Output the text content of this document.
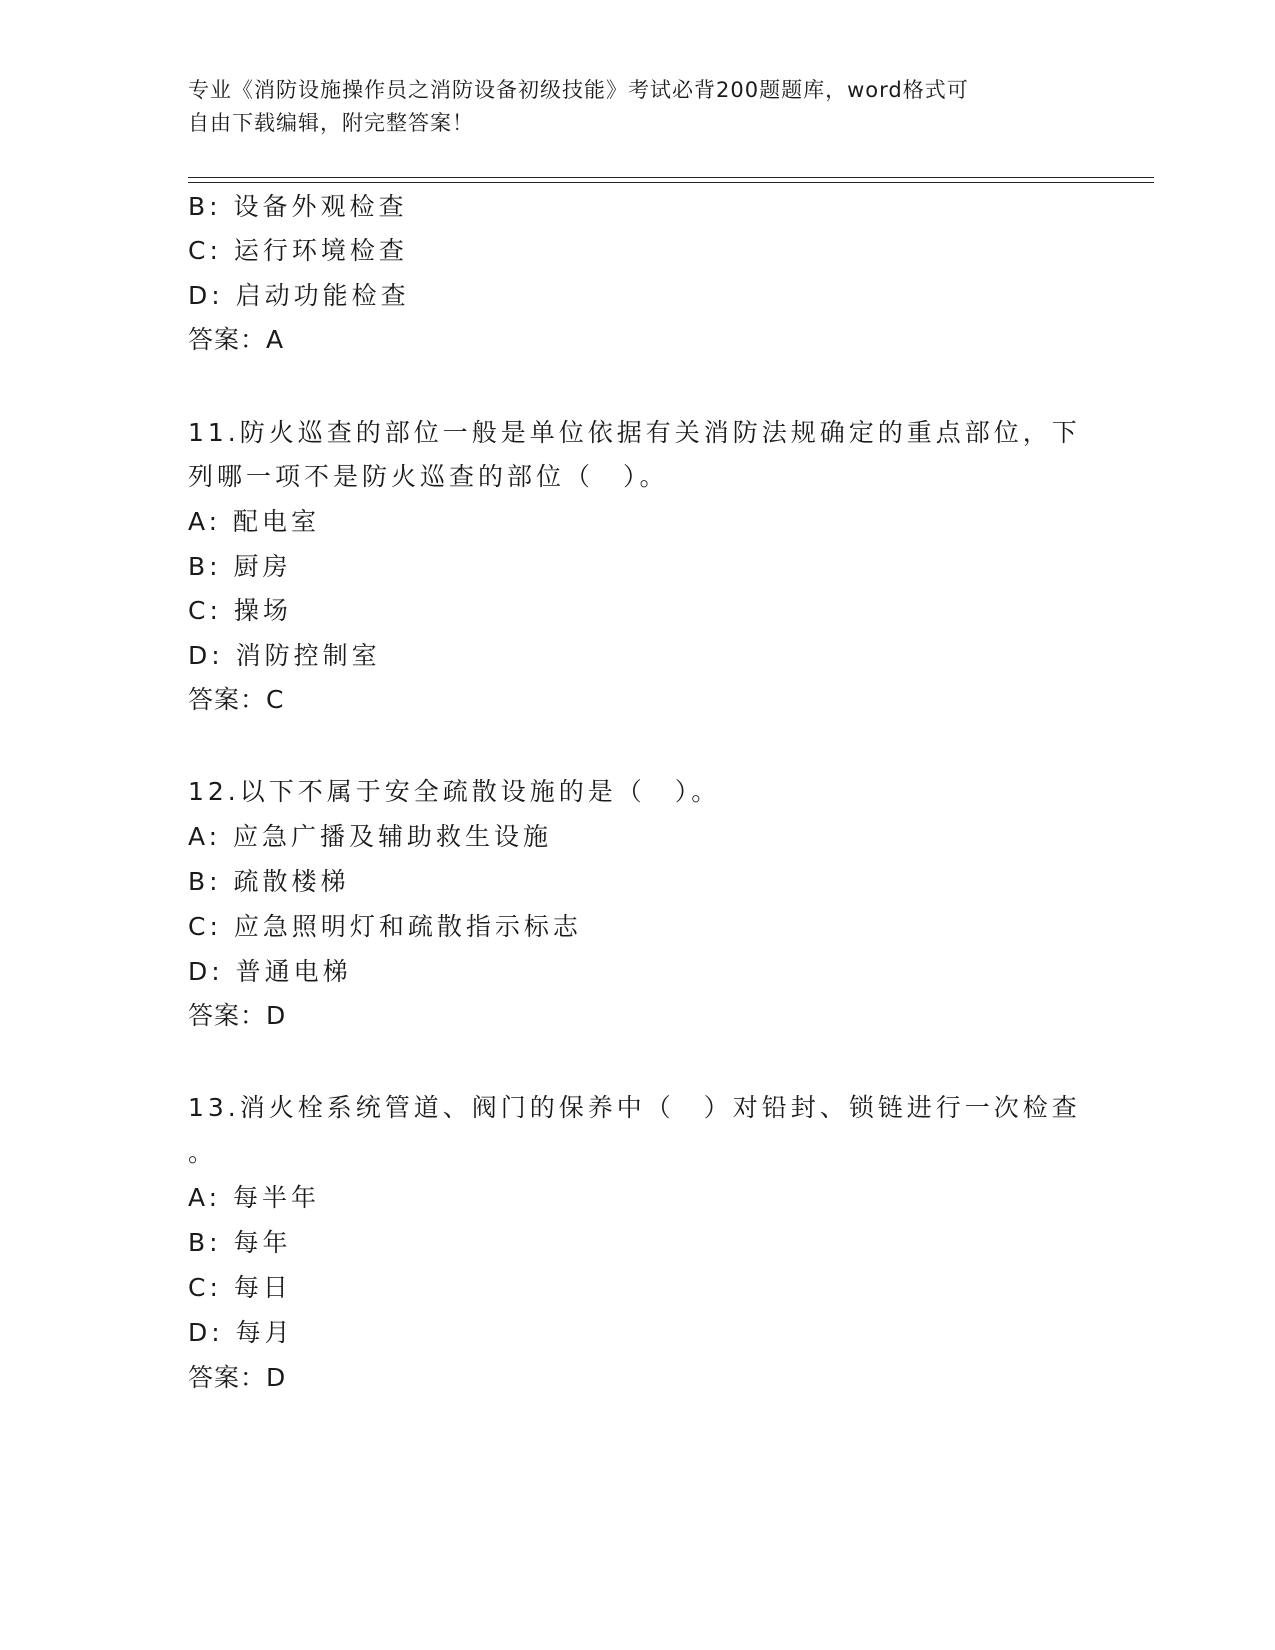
专业《消防设施操作员之消防设备初级技能》考试必背200题题库，word格式可
自由下载编辑，附完整答案！
B: 设备外观检查
C: 运行环境检查
D: 启动功能检查
答案：A
11.防火巡查的部位一般是单位依据有关消防法规确定的重点部位，下
列哪一项不是防火巡查的部位（　）。
A: 配电室
B: 厨房
C: 操场
D: 消防控制室
答案：C
12.以下不属于安全疏散设施的是（　）。
A: 应急广播及辅助救生设施
B: 疏散楼梯
C: 应急照明灯和疏散指示标志
D: 普通电梯
答案：D
13.消火栓系统管道、阀门的保养中（　）对铅封、锁链进行一次检查
。
A: 每半年
B: 每年
C: 每日
D: 每月
答案：D
